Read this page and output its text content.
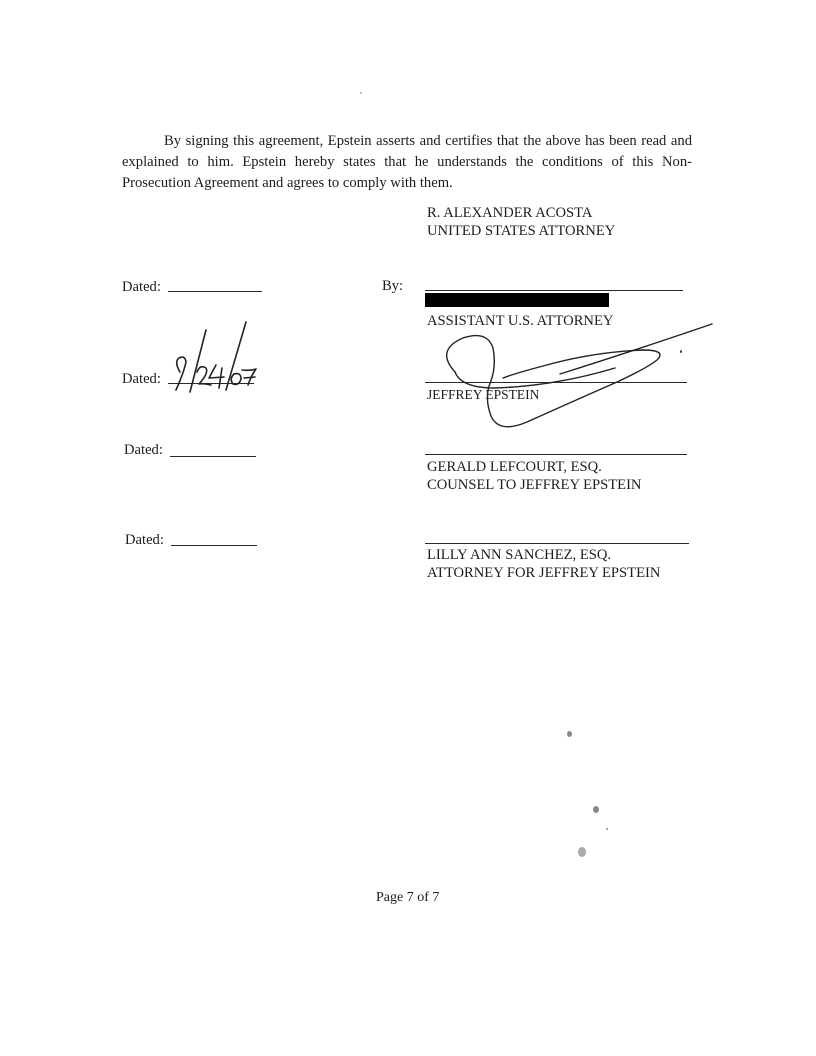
By signing this agreement, Epstein asserts and certifies that the above has been read and explained to him. Epstein hereby states that he understands the conditions of this Non-Prosecution Agreement and agrees to comply with them.

R. ALEXANDER ACOSTA
UNITED STATES ATTORNEY
Dated:	By:
ASSISTANT U.S. ATTORNEY
Dated:
JEFFREY EPSTEIN
Dated:
GERALD LEFCOURT, ESQ.
COUNSEL TO JEFFREY EPSTEIN
Dated:
LILLY ANN SANCHEZ, ESQ.
ATTORNEY FOR JEFFREY EPSTEIN
Page 7 of 7
